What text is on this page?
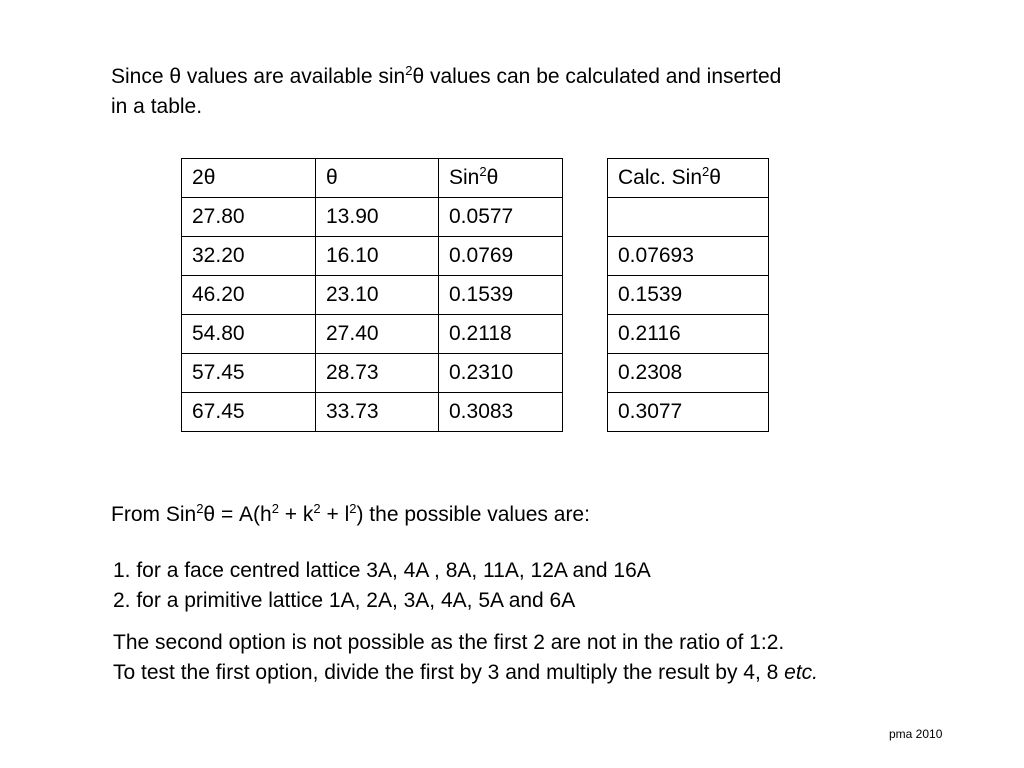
Since θ values are available $\sin^2\theta$ values can be calculated and inserted
in a table.
2θ	θ	Sin$^2$θ
27.80	13.90	0.0577
32.20	16.10	0.0769
46.20	23.10	0.1539
54.80	27.40	0.2118
57.45	28.73	0.2310
67.45	33.73	0.3083
Calc. Sin$^2$θ

0.07693
0.1539
0.2116
0.2308
0.3077
From $Sin^2\theta = A(h^2 + k^2 + l^2)$ the possible values are:
1. for a face centred lattice 3A, 4A , 8A, 11A, 12A and 16A
2. for a primitive lattice 1A, 2A, 3A, 4A, 5A and 6A
The second option is not possible as the first 2 are not in the ratio of 1:2.
To test the first option, divide the first by 3 and multiply the result by 4, 8 etc.
pma 2010
